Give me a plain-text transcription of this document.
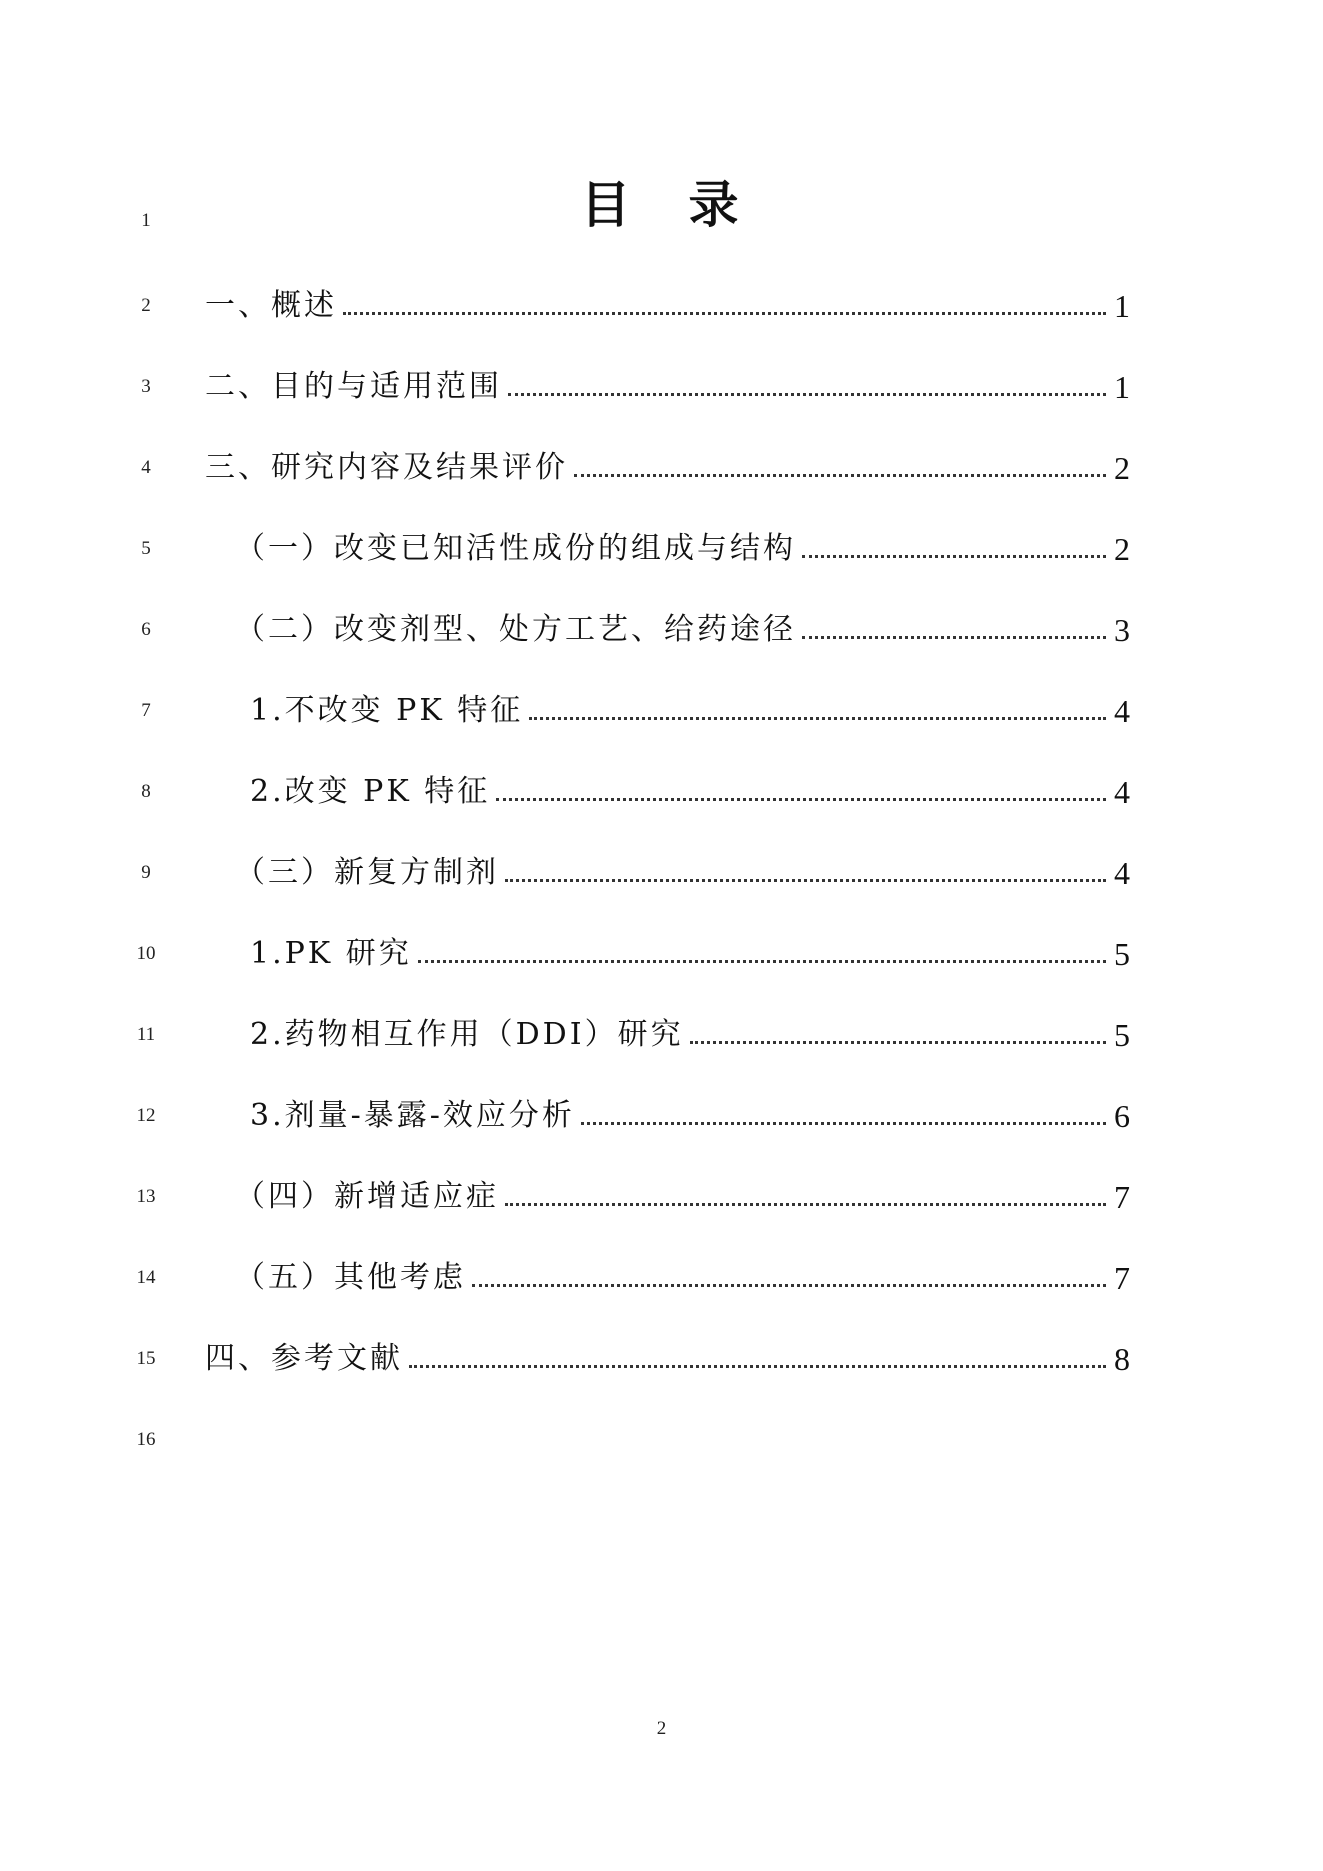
1
2
3
4
5
6
7
8
9
10
11
12
13
14
15
16
目　录
一、概述	1
二、目的与适用范围	1
三、研究内容及结果评价	2
（一）改变已知活性成份的组成与结构	2
（二）改变剂型、处方工艺、给药途径	3
1.不改变 PK 特征	4
2.改变 PK 特征	4
（三）新复方制剂	4
1.PK 研究	5
2.药物相互作用（DDI）研究	5
3.剂量-暴露-效应分析	6
（四）新增适应症	7
（五）其他考虑	7
四、参考文献	8
2
